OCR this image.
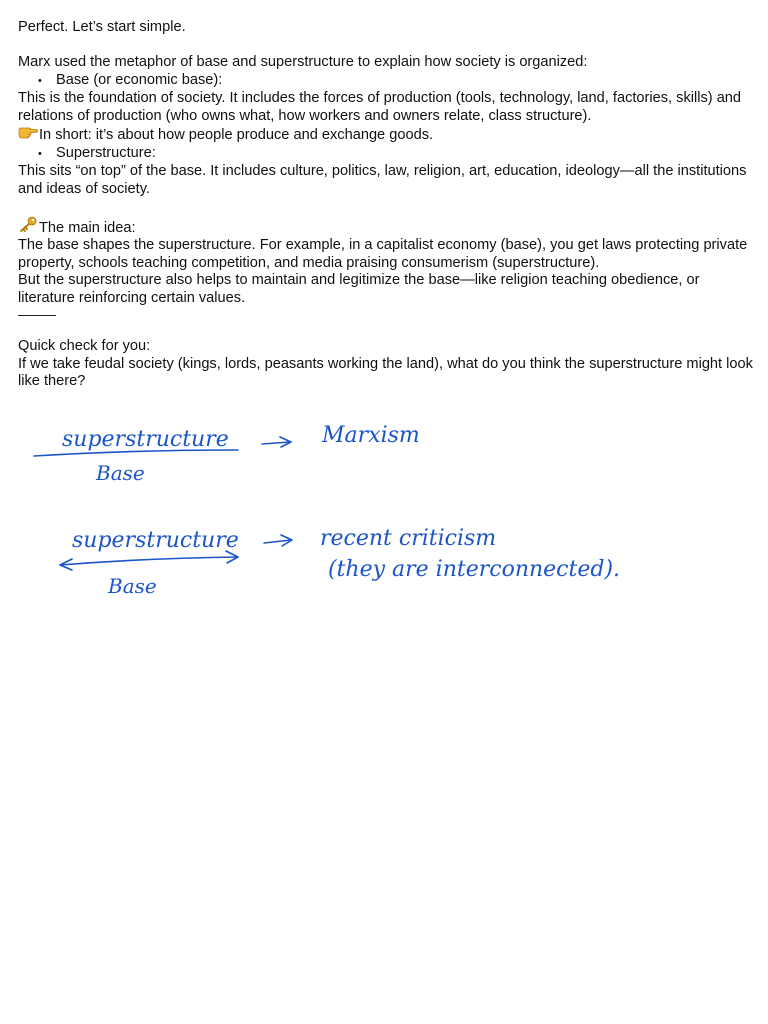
Perfect. Let’s start simple.
Marx used the metaphor of base and superstructure to explain how society is organized:
• Base (or economic base):
This is the foundation of society. It includes the forces of production (tools, technology, land, factories, skills) and relations of production (who owns what, how workers and owners relate, class structure).
In short: it’s about how people produce and exchange goods.
• Superstructure:
This sits “on top” of the base. It includes culture, politics, law, religion, art, education, ideology—all the institutions and ideas of society.
The main idea:
The base shapes the superstructure. For example, in a capitalist economy (base), you get laws protecting private property, schools teaching competition, and media praising consumerism (superstructure).
But the superstructure also helps to maintain and legitimize the base—like religion teaching obedience, or literature reinforcing certain values.
Quick check for you:
If we take feudal society (kings, lords, peasants working the land), what do you think the superstructure might look like there?
superstructure
Base
Marxism
superstructure
Base
recent criticism
(they are interconnected).
